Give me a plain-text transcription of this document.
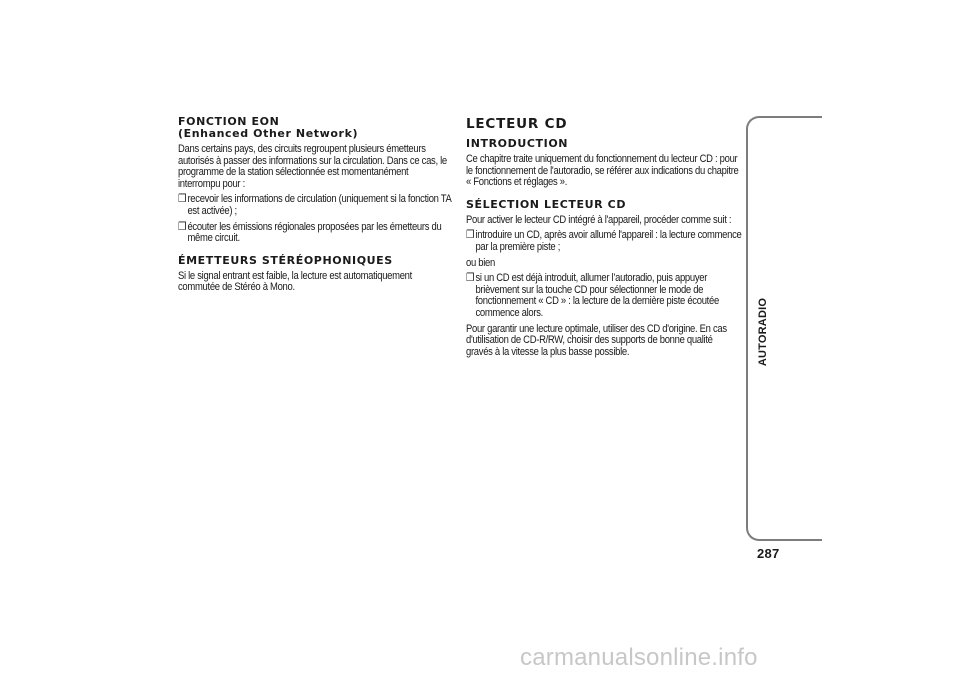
FONCTION EON
(Enhanced Other Network)

Dans certains pays, des circuits regroupent plusieurs émetteurs autorisés à passer des informations sur la circulation. Dans ce cas, le programme de la station sélectionnée est momentanément interrompu pour :

❒ recevoir les informations de circulation (uniquement si la fonction TA est activée) ;
❒ écouter les émissions régionales proposées par les émetteurs du même circuit.
ÉMETTEURS STÉRÉOPHONIQUES

Si le signal entrant est faible, la lecture est automatiquement commutée de Stéréo à Mono.

LECTEUR CD
INTRODUCTION

Ce chapitre traite uniquement du fonctionnement du lecteur CD : pour le fonctionnement de l'autoradio, se référer aux indications du chapitre « Fonctions et réglages ».

SÉLECTION LECTEUR CD

Pour activer le lecteur CD intégré à l'appareil, procéder comme suit :

❒ introduire un CD, après avoir allumé l'appareil : la lecture commence par la première piste ;

ou bien

❒ si un CD est déjà introduit, allumer l’autoradio, puis appuyer brièvement sur la touche CD pour sélectionner le mode de fonctionnement « CD » : la lecture de la dernière piste écoutée commence alors.

Pour garantir une lecture optimale, utiliser des CD d'origine. En cas d'utilisation de CD-R/RW, choisir des supports de bonne qualité gravés à la vitesse la plus basse possible.	AUTORADIO
287
carmanualsonline.info
